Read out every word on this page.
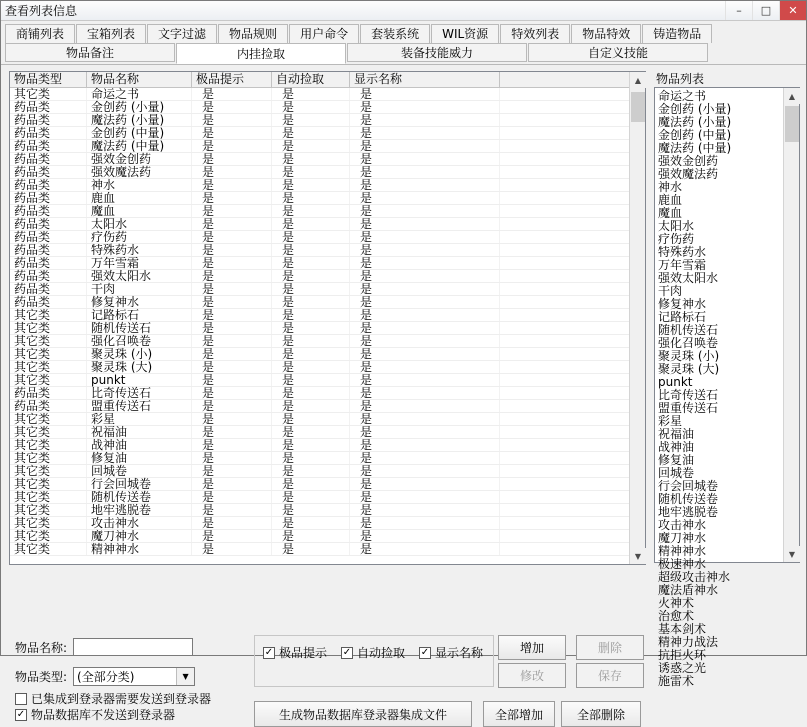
查看列表信息	–	□	✕
商铺列表	宝箱列表	文字过滤	物品规则	用户命令	套装系统	WIL资源	特效列表	物品特效	铸造物品
物品备注	内挂捡取	装备技能威力	自定义技能
物品类型	物品名称	极品提示	自动捡取	显示名称
其它类	命运之书	是	是	是
药品类	金创药 (小量)	是	是	是
药品类	魔法药 (小量)	是	是	是
药品类	金创药 (中量)	是	是	是
药品类	魔法药 (中量)	是	是	是
药品类	强效金创药	是	是	是
药品类	强效魔法药	是	是	是
药品类	神水	是	是	是
药品类	鹿血	是	是	是
药品类	魔血	是	是	是
药品类	太阳水	是	是	是
药品类	疗伤药	是	是	是
药品类	特殊药水	是	是	是
药品类	万年雪霜	是	是	是
药品类	强效太阳水	是	是	是
药品类	干肉	是	是	是
药品类	修复神水	是	是	是
其它类	记路标石	是	是	是
其它类	随机传送石	是	是	是
其它类	强化召唤卷	是	是	是
其它类	聚灵珠 (小)	是	是	是
其它类	聚灵珠 (大)	是	是	是
其它类	punkt	是	是	是
药品类	比奇传送石	是	是	是
药品类	盟重传送石	是	是	是
其它类	彩星	是	是	是
其它类	祝福油	是	是	是
其它类	战神油	是	是	是
其它类	修复油	是	是	是
其它类	回城卷	是	是	是
其它类	行会回城卷	是	是	是
其它类	随机传送卷	是	是	是
其它类	地牢逃脱卷	是	是	是
其它类	攻击神水	是	是	是
其它类	魔刀神水	是	是	是
其它类	精神神水	是	是	是
▲
▼
物品列表
命运之书
金创药 (小量)
魔法药 (小量)
金创药 (中量)
魔法药 (中量)
强效金创药
强效魔法药
神水
鹿血
魔血
太阳水
疗伤药
特殊药水
万年雪霜
强效太阳水
干肉
修复神水
记路标石
随机传送石
强化召唤卷
聚灵珠 (小)
聚灵珠 (大)
punkt
比奇传送石
盟重传送石
彩星
祝福油
战神油
修复油
回城卷
行会回城卷
随机传送卷
地牢逃脱卷
攻击神水
魔刀神水
精神神水
极速神水
超级攻击神水
魔法盾神水
火神术
治愈术
基本剑术
精神力战法
抗拒火环
诱惑之光
施雷术
▲
▼
物品名称:
物品类型: (全部分类)	▼
已集成到登录器需要发送到登录器
✓ 物品数据库不发送到登录器
✓ 极品提示 ✓ 自动捡取 ✓ 显示名称	增加	删除
修改	保存
生成物品数据库登录器集成文件	全部增加	全部删除
